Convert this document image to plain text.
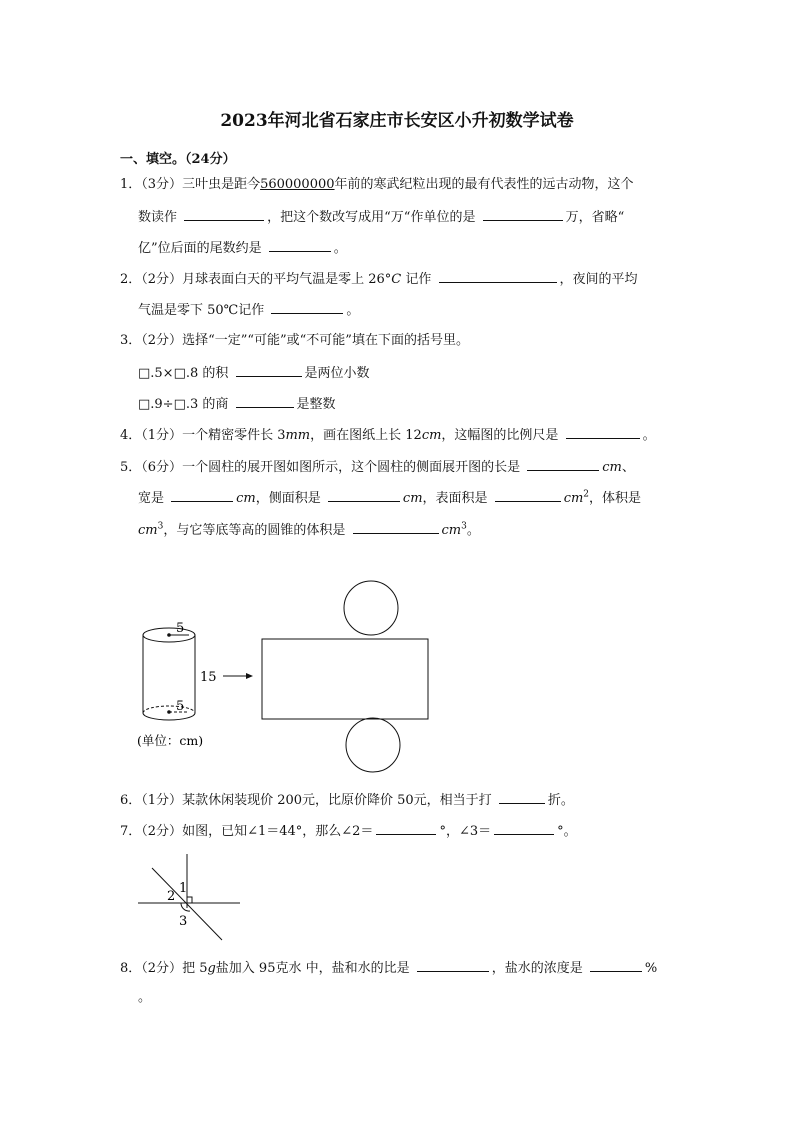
2023年河北省石家庄市长安区小升初数学试卷
一、填空。（24分）
1．（3分）三叶虫是距今560000000年前的寒武纪粒出现的最有代表性的远古动物，这个
数读作	，把这个数改写成用“万“作单位的是	万，省略“
亿”位后面的尾数约是	。
2．（2分）月球表面白天的平均气温是零上 26°C 记作	，夜间的平均
气温是零下 50℃记作	。
3．（2分）选择“一定”“可能”或“不可能”填在下面的括号里。
□.5×□.8 的积	是两位小数
□.9÷□.3 的商	是整数
4．（1分）一个精密零件长 3mm，画在图纸上长 12cm，这幅图的比例尺是	。
5．（6分）一个圆柱的展开图如图所示，这个圆柱的侧面展开图的长是	cm、
宽是	cm，侧面积是	cm，表面积是	$cm^2$，体积是
$cm^3$，与它等底等高的圆锥的体积是	$cm^3$。
5
5
15
(单位：cm)
6．（1分）某款休闲装现价 200元，比原价降价 50元，相当于打	折。
7．（2分）如图，已知∠1＝44°，那么∠2＝	°，∠3＝	°。
1
2
3
8．（2分）把 5g盐加入 95克水 中，盐和水的比是	，盐水的浓度是	%
。
